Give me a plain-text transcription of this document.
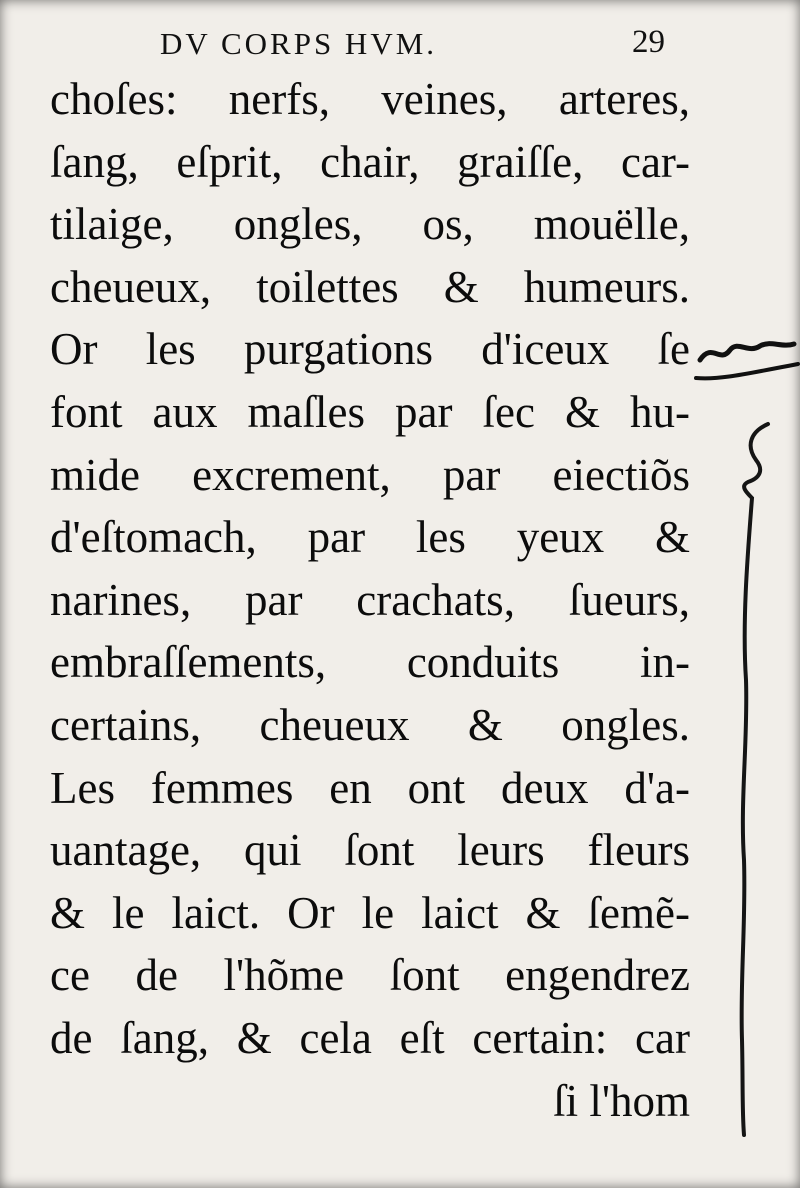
DV CORPS HVM.	29
choſes: nerfs, veines, arteres,
ſang, eſprit, chair, graiſſe, car-
tilaige, ongles, os, mouëlle,
cheueux, toilettes & humeurs.
Or les purgations d'iceux ſe
font aux maſles par ſec & hu-
mide excrement, par eiectiõs
d'eſtomach, par les yeux &
narines, par crachats, ſueurs,
embraſſements, conduits in-
certains, cheueux & ongles.
Les femmes en ont deux d'a-
uantage, qui ſont leurs fleurs
& le laict. Or le laict & ſemẽ-
ce de l'hõme ſont engendrez
de ſang, & cela eſt certain: car
ſi l'hom
